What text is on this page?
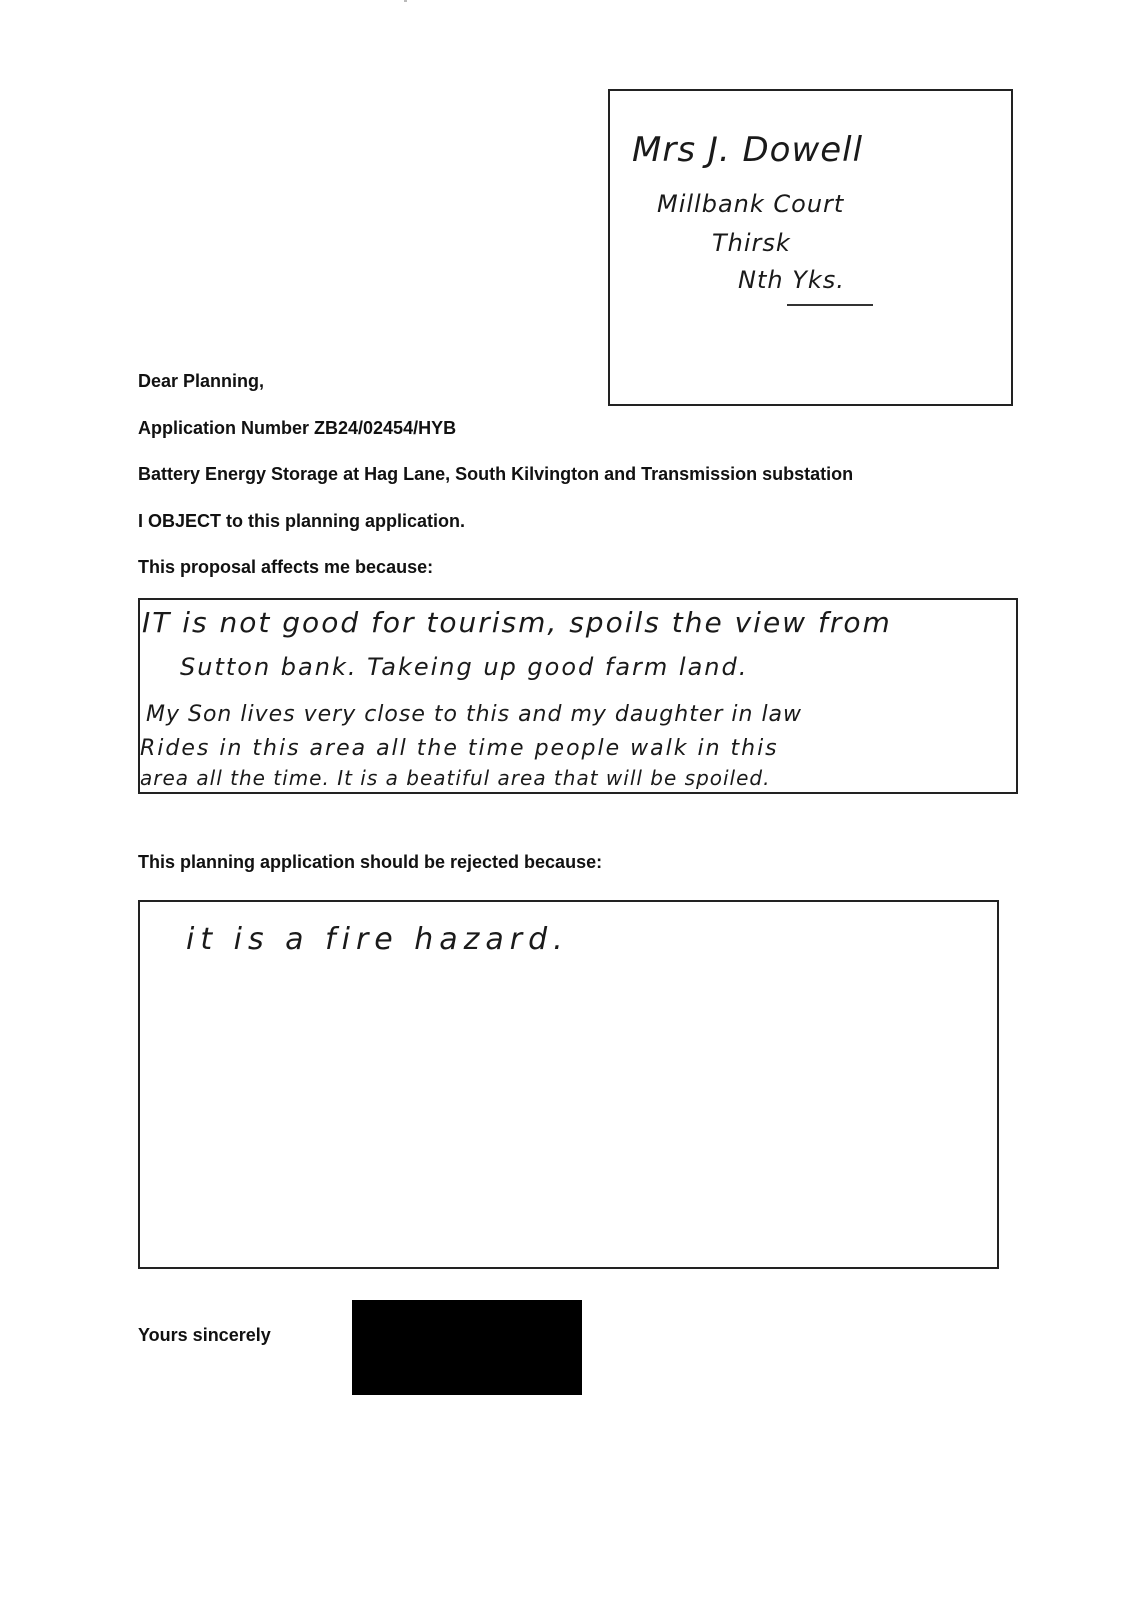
Mrs J. Dowell
Millbank Court
Thirsk
Nth Yks.
Dear Planning,
Application Number ZB24/02454/HYB
Battery Energy Storage at Hag Lane, South Kilvington and Transmission substation
I OBJECT to this planning application.
This proposal affects me because:
IT is not good for tourism, spoils the view from
Sutton bank. Takeing up good farm land.
My Son lives very close to this and my daughter in law
Rides in this area all the time people walk in this
area all the time. It is a beatiful area that will be spoiled.
This planning application should be rejected because:
it is a fire hazard.
Yours sincerely
